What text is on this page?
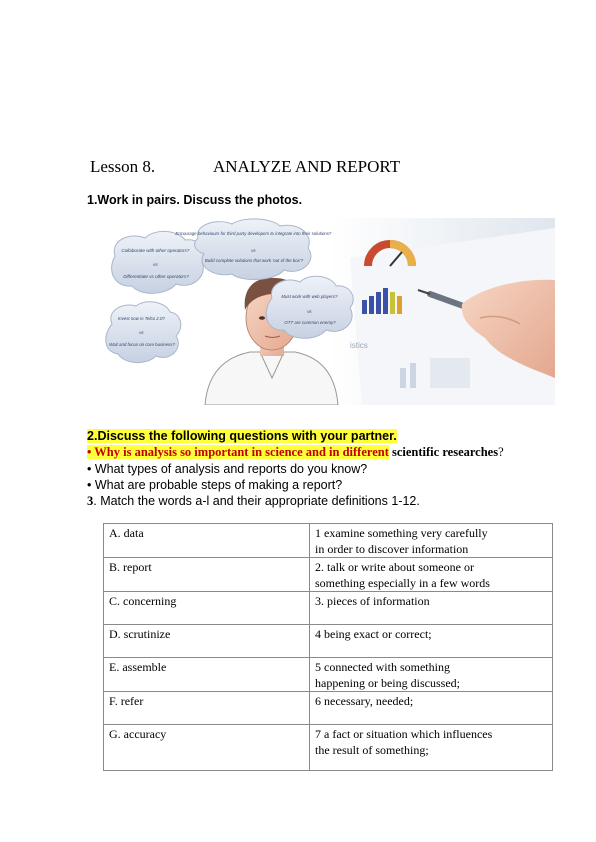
Lesson 8.	ANALYZE AND REPORT
1.Work in pairs. Discuss the photos.
istics
Collaborate with other operators? vs Differentiate vs other operators?
Encourage behaviours for third party developers to integrate into their solutions? vs Build complete solutions that work 'out of the box'?
Invest now in Telco 2.0? vs Wait and focus on core business?
Must work with web players? vs OTT are common enemy?
2.Discuss the following questions with your partner.
• Why is analysis so important in science and in different scientific researches?
• What types of analysis and reports do you know?
• What are probable steps of making a report?
3. Match the words a-l and their appropriate definitions 1-12.
A. data	1 examine something very carefully
in order to discover information
B. report	2. talk or write about someone or
something especially in a few words
C. concerning	3. pieces of information
D. scrutinize	4 being exact or correct;
E. assemble	5 connected with something
happening or being discussed;
F. refer	6 necessary, needed;
G. accuracy	7 a fact or situation which influences
the result of something;
